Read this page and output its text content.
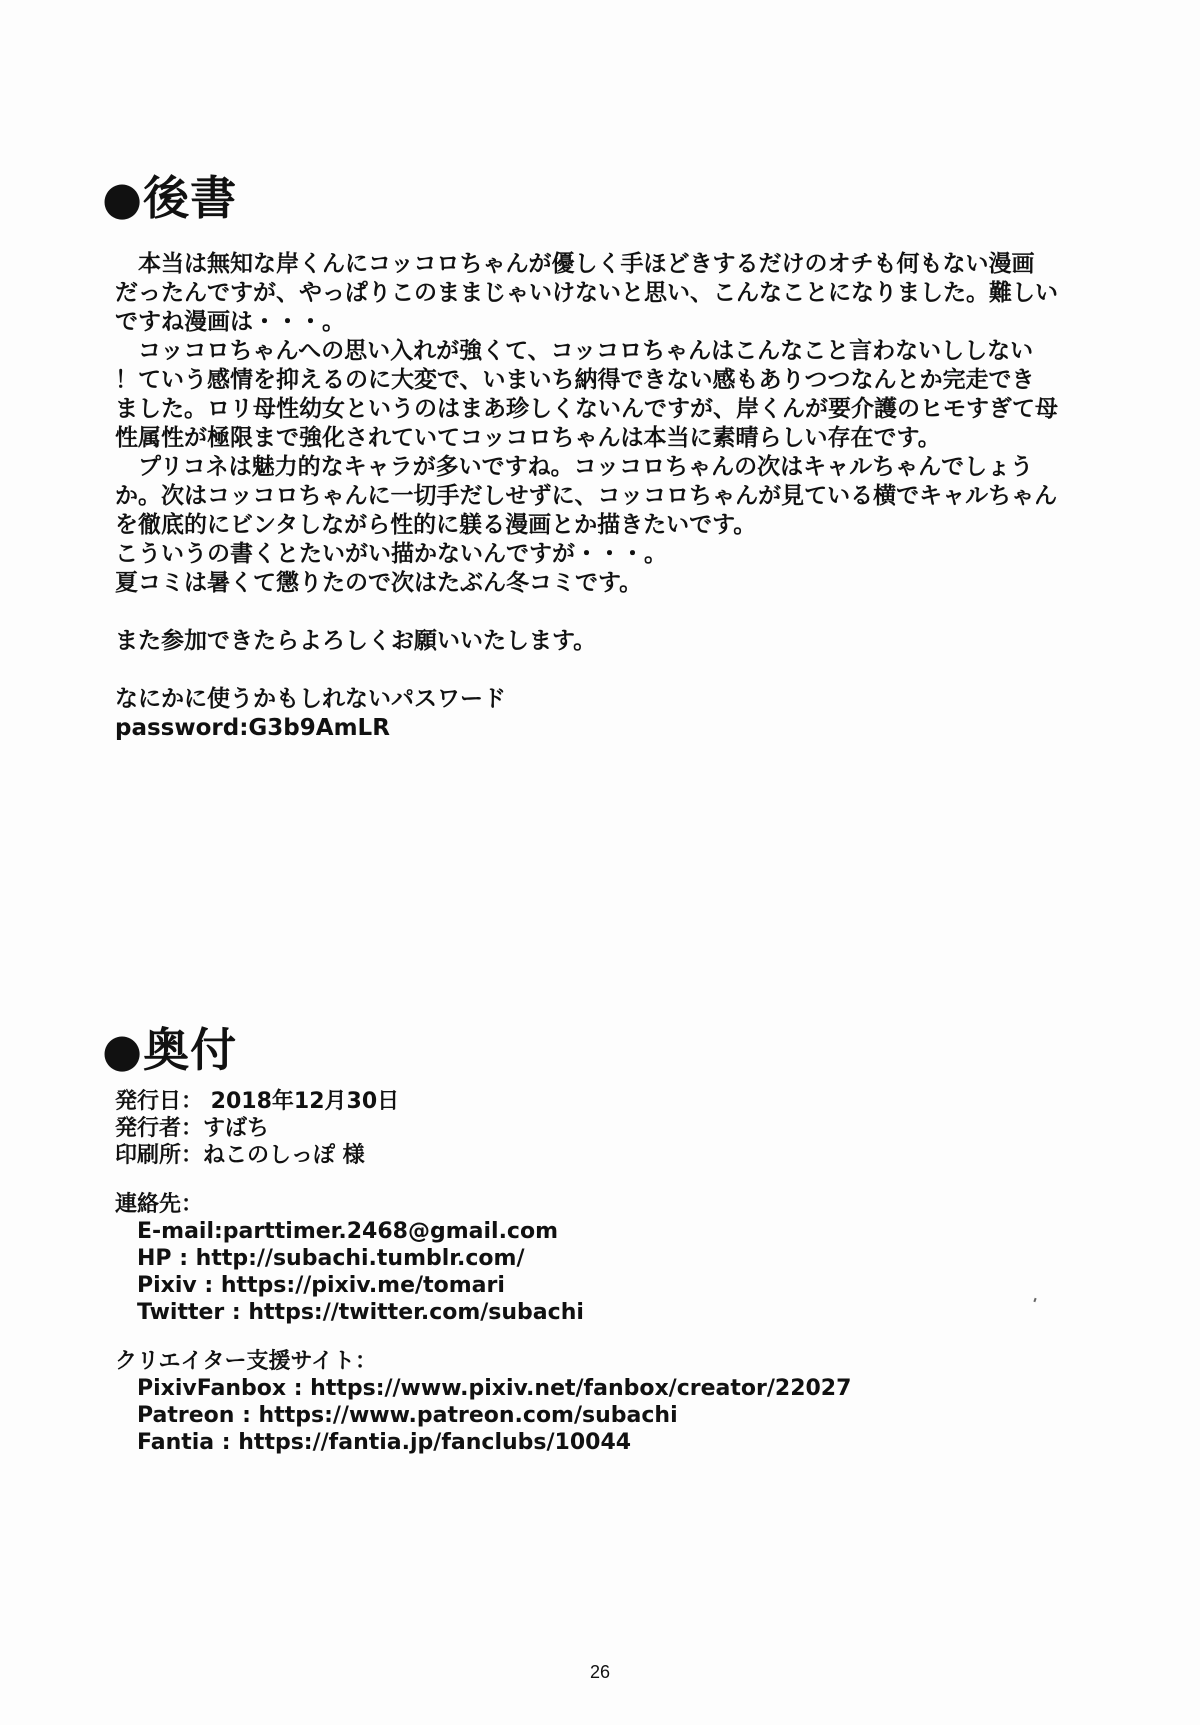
●後書

　本当は無知な岸くんにコッコロちゃんが優しく手ほどきするだけのオチも何もない漫画

だったんですが、やっぱりこのままじゃいけないと思い、こんなことになりました。難しい

ですね漫画は・・・。

　コッコロちゃんへの思い入れが強くて、コッコロちゃんはこんなこと言わないししない

！ていう感情を抑えるのに大変で、いまいち納得できない感もありつつなんとか完走でき

ました。ロリ母性幼女というのはまあ珍しくないんですが、岸くんが要介護のヒモすぎて母

性属性が極限まで強化されていてコッコロちゃんは本当に素晴らしい存在です。

　プリコネは魅力的なキャラが多いですね。コッコロちゃんの次はキャルちゃんでしょう

か。次はコッコロちゃんに一切手だしせずに、コッコロちゃんが見ている横でキャルちゃん

を徹底的にビンタしながら性的に躾る漫画とか描きたいです。

こういうの書くとたいがい描かないんですが・・・。

夏コミは暑くて懲りたので次はたぶん冬コミです。

また参加できたらよろしくお願いいたします。

なにかに使うかもしれないパスワード

password:G3b9AmLR

●奥付

発行日： 2018年12月30日

発行者：すばち

印刷所：ねこのしっぽ 様

連絡先：

E-mail:parttimer.2468@gmail.com

HP : http://subachi.tumblr.com/

Pixiv : https://pixiv.me/tomari

Twitter : https://twitter.com/subachi

クリエイター支援サイト：

PixivFanbox : https://www.pixiv.net/fanbox/creator/22027

Patreon : https://www.patreon.com/subachi

Fantia : https://fantia.jp/fanclubs/10044

26
